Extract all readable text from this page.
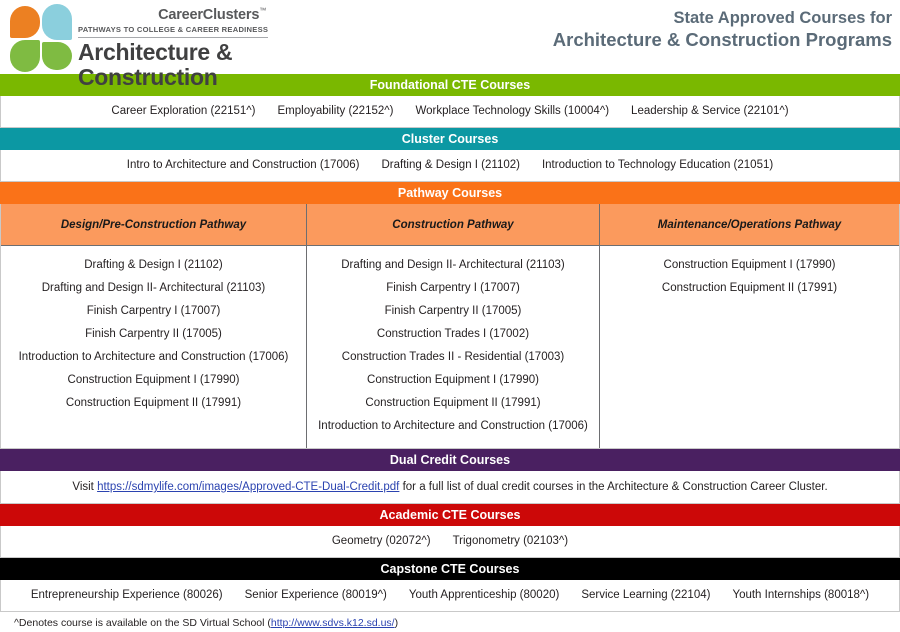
CareerClusters™
PATHWAYS TO COLLEGE & CAREER READINESS
Architecture &
Construction
State Approved Courses for
Architecture & Construction Programs
Foundational CTE Courses
Career Exploration (22151^) Employability (22152^) Workplace Technology Skills (10004^) Leadership & Service (22101^)
Cluster Courses
Intro to Architecture and Construction (17006) Drafting & Design I (21102) Introduction to Technology Education (21051)
Pathway Courses
Design/Pre-Construction Pathway	Construction Pathway	Maintenance/Operations Pathway
Drafting & Design I (21102)
Drafting and Design II- Architectural (21103)
Finish Carpentry I (17007)
Finish Carpentry II (17005)
Introduction to Architecture and Construction (17006)
Construction Equipment I (17990)
Construction Equipment II (17991)
Drafting and Design II- Architectural (21103)
Finish Carpentry I (17007)
Finish Carpentry II (17005)
Construction Trades I (17002)
Construction Trades II - Residential (17003)
Construction Equipment I (17990)
Construction Equipment II (17991)
Introduction to Architecture and Construction (17006)
Construction Equipment I (17990)
Construction Equipment II (17991)
Dual Credit Courses
Visit https://sdmylife.com/images/Approved-CTE-Dual-Credit.pdf for a full list of dual credit courses in the Architecture & Construction Career Cluster.
Academic CTE Courses
Geometry (02072^) Trigonometry (02103^)
Capstone CTE Courses
Entrepreneurship Experience (80026) Senior Experience (80019^) Youth Apprenticeship (80020) Service Learning (22104) Youth Internships (80018^)
^Denotes course is available on the SD Virtual School (http://www.sdvs.k12.sd.us/)
